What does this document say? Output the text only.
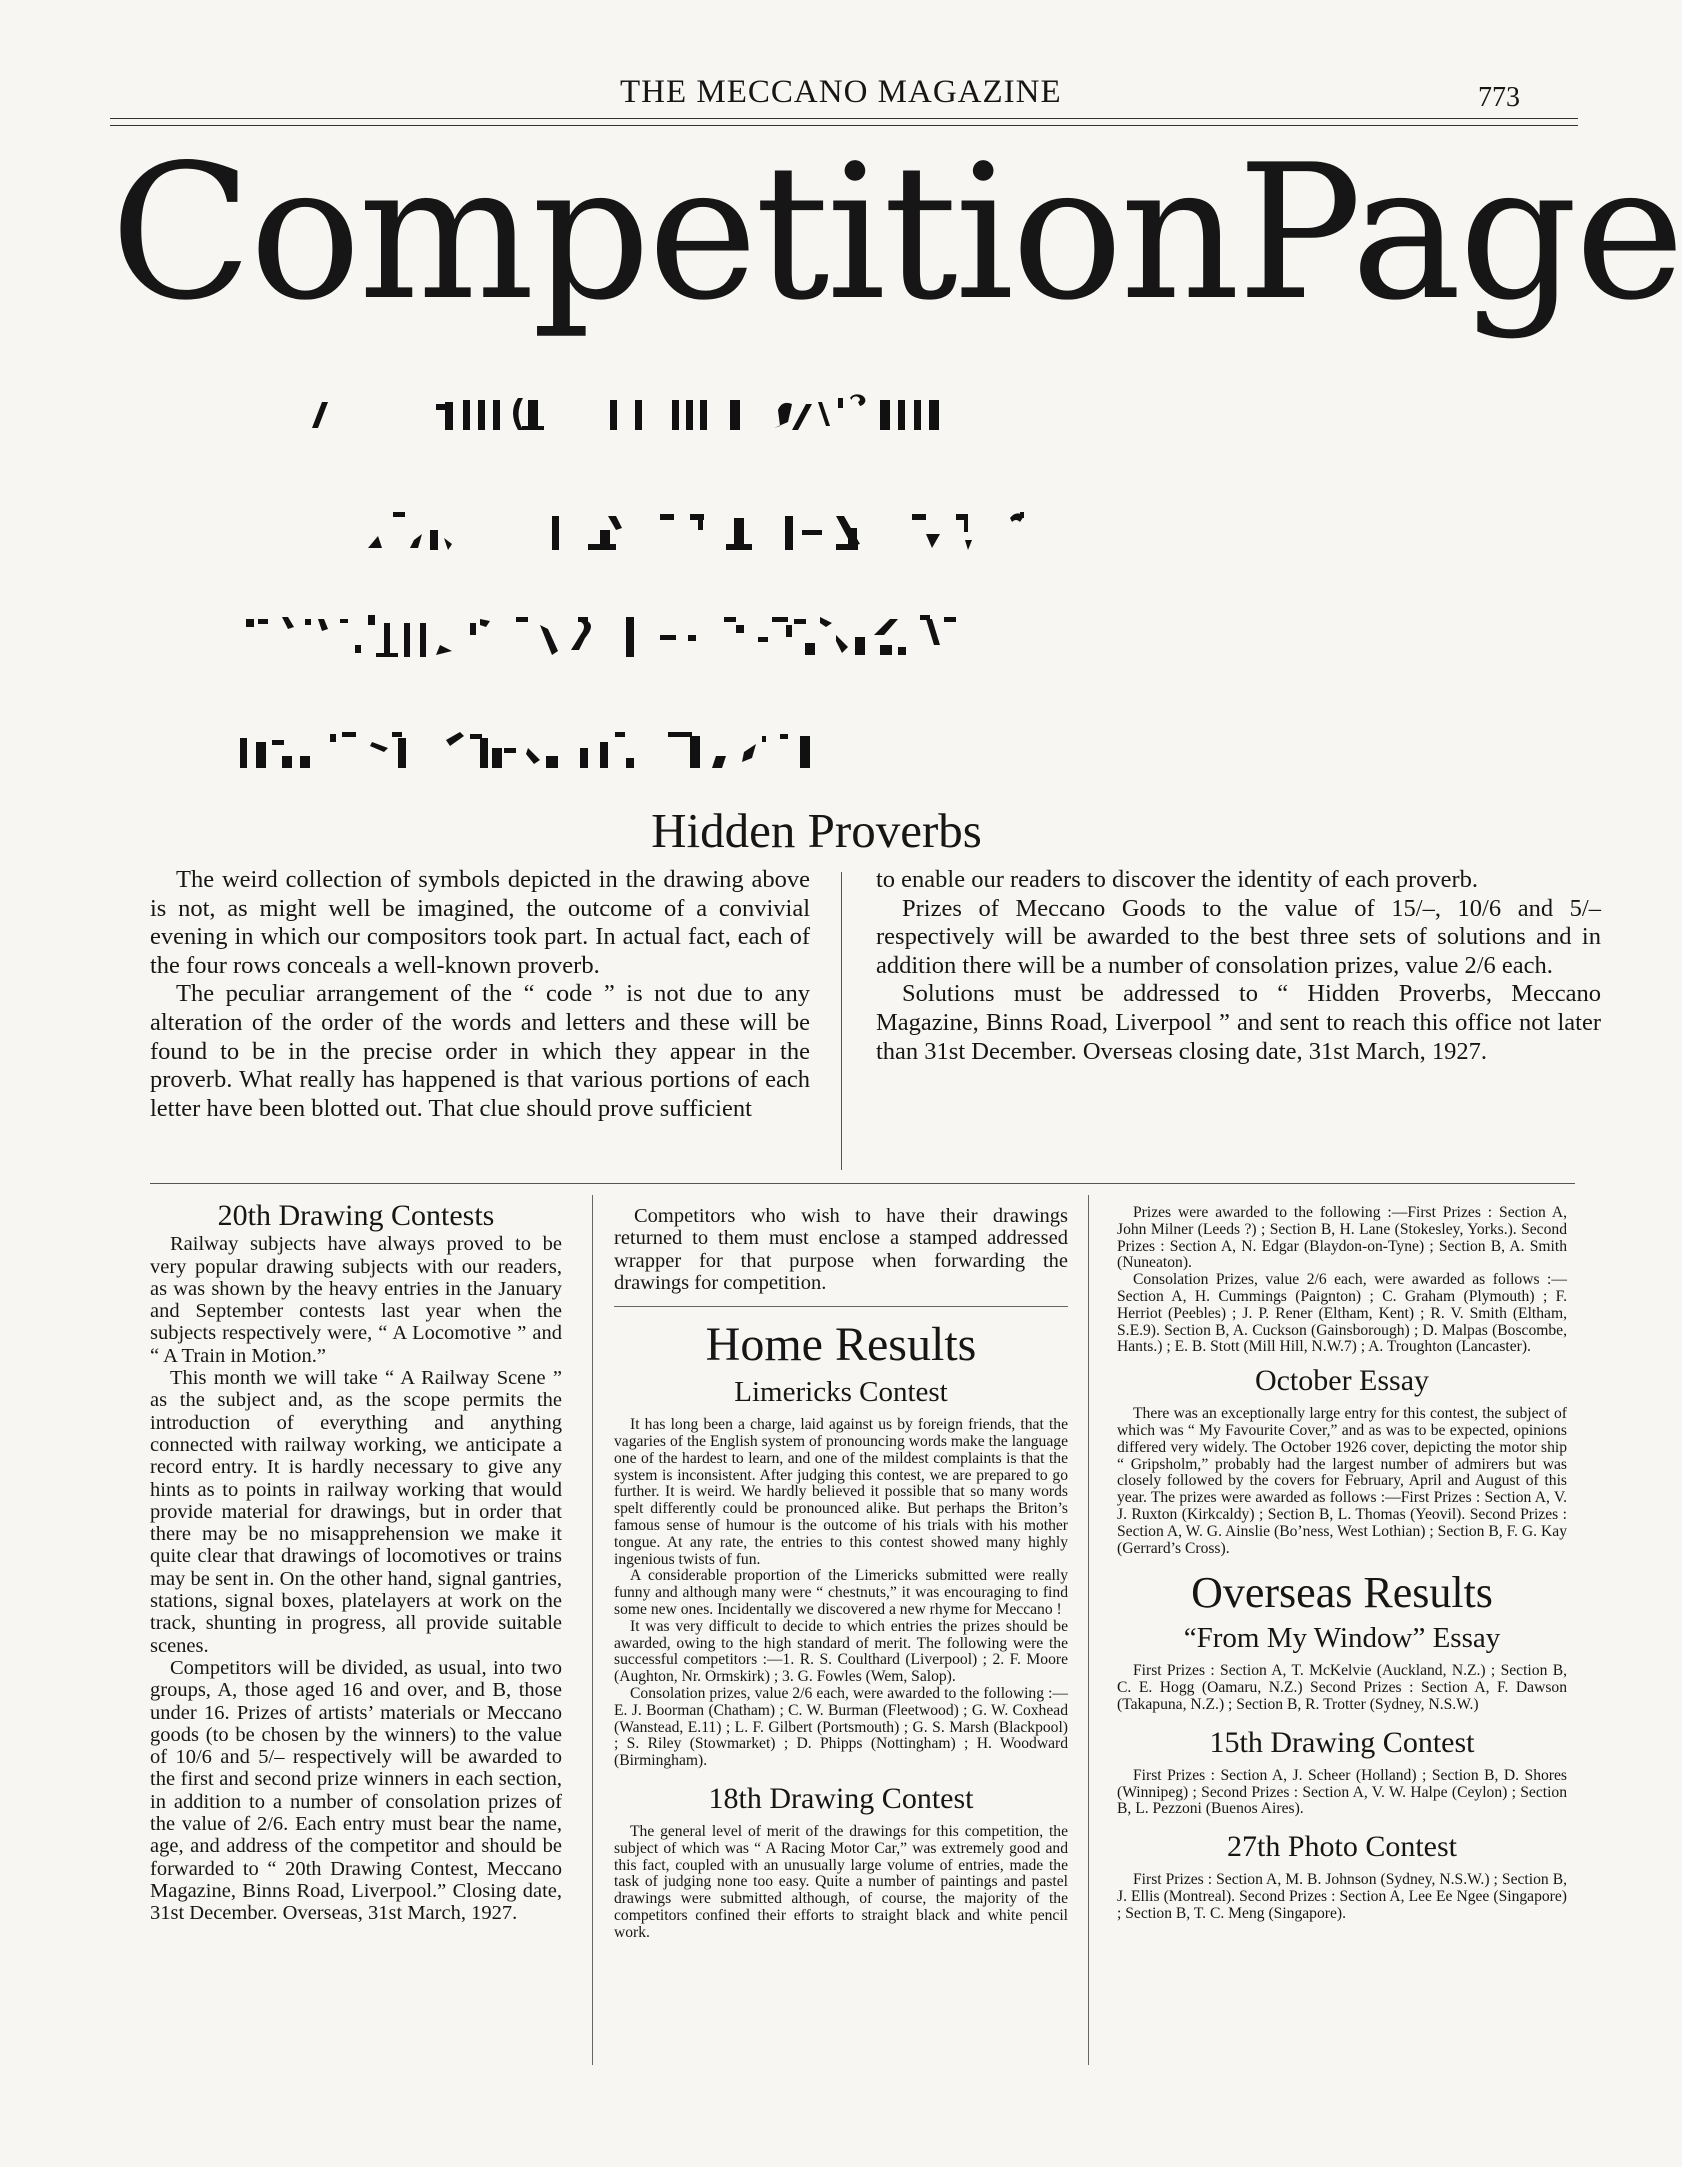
THE MECCANO MAGAZINE	773
Competition Page
Hidden Proverbs

The weird collection of symbols depicted in the drawing above is not, as might well be imagined, the outcome of a convivial evening in which our compositors took part. In actual fact, each of the four rows conceals a well-known proverb.

The peculiar arrangement of the “ code ” is not due to any alteration of the order of the words and letters and these will be found to be in the precise order in which they appear in the proverb. What really has happened is that various portions of each letter have been blotted out. That clue should prove sufficient

to enable our readers to discover the identity of each proverb.

Prizes of Meccano Goods to the value of 15/–, 10/6 and 5/– respectively will be awarded to the best three sets of solutions and in addition there will be a number of consolation prizes, value 2/6 each.

Solutions must be addressed to “ Hidden Proverbs, Meccano Magazine, Binns Road, Liverpool ” and sent to reach this office not later than 31st December. Overseas closing date, 31st March, 1927.

20th Drawing Contests

Railway subjects have always proved to be very popular drawing subjects with our readers, as was shown by the heavy entries in the January and September contests last year when the subjects respectively were, “ A Locomotive ” and “ A Train in Motion.”

This month we will take “ A Railway Scene ” as the subject and, as the scope permits the introduction of everything and anything connected with railway working, we anticipate a record entry. It is hardly necessary to give any hints as to points in railway working that would provide material for drawings, but in order that there may be no misapprehension we make it quite clear that drawings of locomotives or trains may be sent in. On the other hand, signal gantries, stations, signal boxes, platelayers at work on the track, shunting in progress, all provide suitable scenes.

Competitors will be divided, as usual, into two groups, A, those aged 16 and over, and B, those under 16. Prizes of artists’ materials or Meccano goods (to be chosen by the winners) to the value of 10/6 and 5/– respectively will be awarded to the first and second prize winners in each section, in addition to a number of consolation prizes of the value of 2/6. Each entry must bear the name, age, and address of the competitor and should be forwarded to “ 20th Drawing Contest, Meccano Magazine, Binns Road, Liverpool.” Closing date, 31st December. Overseas, 31st March, 1927.

Competitors who wish to have their drawings returned to them must enclose a stamped addressed wrapper for that purpose when forwarding the drawings for competition.

Home Results
Limericks Contest

It has long been a charge, laid against us by foreign friends, that the vagaries of the English system of pronouncing words make the language one of the hardest to learn, and one of the mildest complaints is that the system is inconsistent. After judging this contest, we are prepared to go further. It is weird. We hardly believed it possible that so many words spelt differently could be pronounced alike. But perhaps the Briton’s famous sense of humour is the outcome of his trials with his mother tongue. At any rate, the entries to this contest showed many highly ingenious twists of fun.

A considerable proportion of the Limericks submitted were really funny and although many were “ chestnuts,” it was encouraging to find some new ones. Incidentally we discovered a new rhyme for Meccano !

It was very difficult to decide to which entries the prizes should be awarded, owing to the high standard of merit. The following were the successful competitors :—1. R. S. Coulthard (Liverpool) ; 2. F. Moore (Aughton, Nr. Ormskirk) ; 3. G. Fowles (Wem, Salop).

Consolation prizes, value 2/6 each, were awarded to the following :—E. J. Boorman (Chatham) ; C. W. Burman (Fleetwood) ; G. W. Coxhead (Wanstead, E.11) ; L. F. Gilbert (Portsmouth) ; G. S. Marsh (Blackpool) ; S. Riley (Stowmarket) ; D. Phipps (Nottingham) ; H. Woodward (Birmingham).

18th Drawing Contest

The general level of merit of the drawings for this competition, the subject of which was “ A Racing Motor Car,” was extremely good and this fact, coupled with an unusually large volume of entries, made the task of judging none too easy. Quite a number of paintings and pastel drawings were submitted although, of course, the majority of the competitors confined their efforts to straight black and white pencil work.

Prizes were awarded to the following :—First Prizes : Section A, John Milner (Leeds ?) ; Section B, H. Lane (Stokesley, Yorks.). Second Prizes : Section A, N. Edgar (Blaydon-on-Tyne) ; Section B, A. Smith (Nuneaton).

Consolation Prizes, value 2/6 each, were awarded as follows :—Section A, H. Cummings (Paignton) ; C. Graham (Plymouth) ; F. Herriot (Peebles) ; J. P. Rener (Eltham, Kent) ; R. V. Smith (Eltham, S.E.9). Section B, A. Cuckson (Gainsborough) ; D. Malpas (Boscombe, Hants.) ; E. B. Stott (Mill Hill, N.W.7) ; A. Troughton (Lancaster).

October Essay

There was an exceptionally large entry for this contest, the subject of which was “ My Favourite Cover,” and as was to be expected, opinions differed very widely. The October 1926 cover, depicting the motor ship “ Gripsholm,” probably had the largest number of admirers but was closely followed by the covers for February, April and August of this year. The prizes were awarded as follows :—First Prizes : Section A, V. J. Ruxton (Kirkcaldy) ; Section B, L. Thomas (Yeovil). Second Prizes : Section A, W. G. Ainslie (Bo’ness, West Lothian) ; Section B, F. G. Kay (Gerrard’s Cross).

Overseas Results
“From My Window” Essay

First Prizes : Section A, T. McKelvie (Auckland, N.Z.) ; Section B, C. E. Hogg (Oamaru, N.Z.) Second Prizes : Section A, F. Dawson (Takapuna, N.Z.) ; Section B, R. Trotter (Sydney, N.S.W.)

15th Drawing Contest

First Prizes : Section A, J. Scheer (Holland) ; Section B, D. Shores (Winnipeg) ; Second Prizes : Section A, V. W. Halpe (Ceylon) ; Section B, L. Pezzoni (Buenos Aires).

27th Photo Contest

First Prizes : Section A, M. B. Johnson (Sydney, N.S.W.) ; Section B, J. Ellis (Montreal). Second Prizes : Section A, Lee Ee Ngee (Singapore) ; Section B, T. C. Meng (Singapore).
